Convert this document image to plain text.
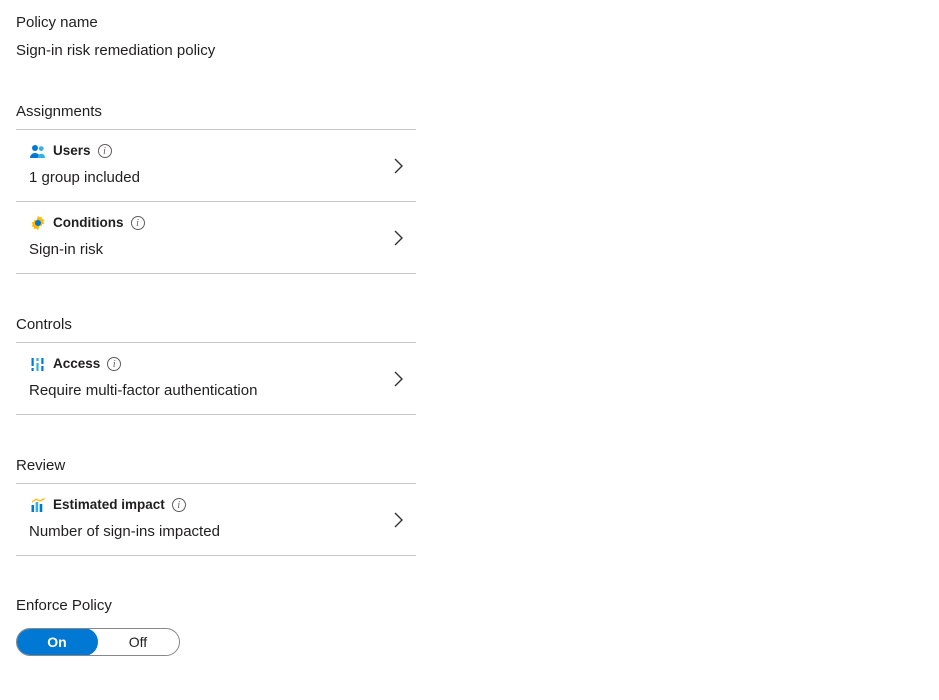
Policy name
Sign-in risk remediation policy
Assignments
Users	i
1 group included
Conditions	i
Sign-in risk
Controls
Access	i
Require multi-factor authentication
Review
Estimated impact	i
Number of sign-ins impacted
Enforce Policy
On	Off
